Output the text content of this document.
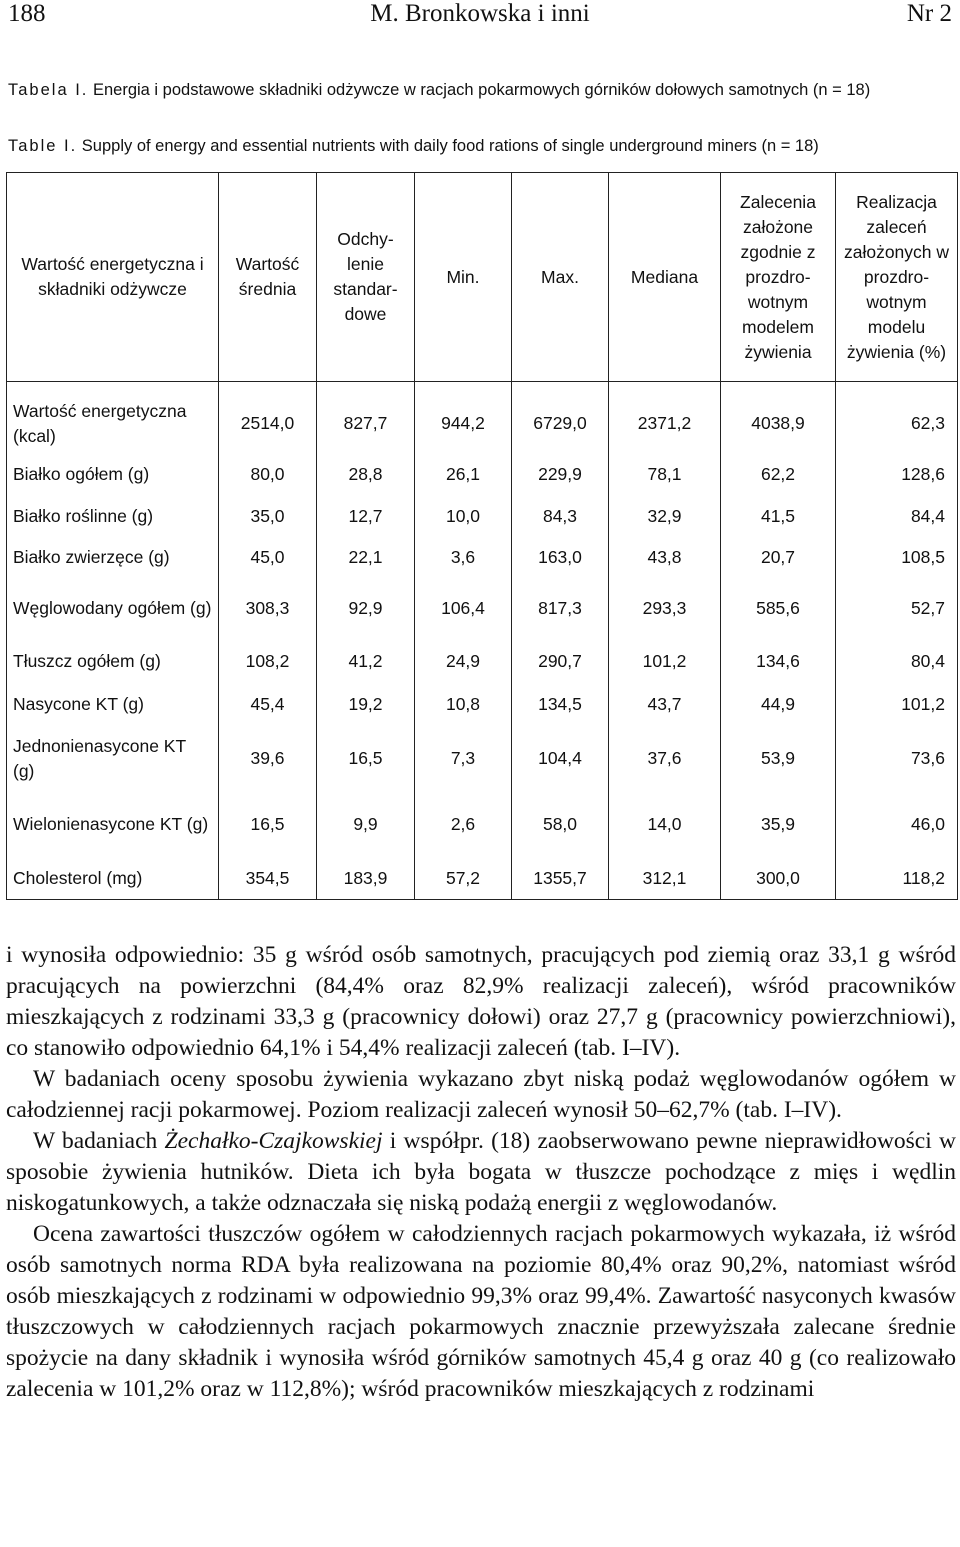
188	M. Bronkowska i inni	Nr 2
Tabela I. Energia i podstawowe składniki odżywcze w racjach pokarmowych górników dołowych samotnych (n = 18)
Table I. Supply of energy and essential nutrients with daily food rations of single underground miners (n = 18)
Wartość energetyczna i składniki odżywcze	Wartość średnia	Odchy- lenie standar- dowe	Min.	Max.	Mediana	Zalecenia założone zgodnie z prozdro- wotnym modelem żywienia	Realizacja zaleceń założonych w prozdro- wotnym modelu żywienia (%)
Wartość energetyczna (kcal)	2514,0	827,7	944,2	6729,0	2371,2	4038,9	62,3
Białko ogółem (g)	80,0	28,8	26,1	229,9	78,1	62,2	128,6
Białko roślinne (g)	35,0	12,7	10,0	84,3	32,9	41,5	84,4
Białko zwierzęce (g)	45,0	22,1	3,6	163,0	43,8	20,7	108,5
Węglowodany ogółem (g)	308,3	92,9	106,4	817,3	293,3	585,6	52,7
Tłuszcz ogółem (g)	108,2	41,2	24,9	290,7	101,2	134,6	80,4
Nasycone KT (g)	45,4	19,2	10,8	134,5	43,7	44,9	101,2
Jednonienasycone KT (g)	39,6	16,5	7,3	104,4	37,6	53,9	73,6
Wielonienasycone KT (g)	16,5	9,9	2,6	58,0	14,0	35,9	46,0
Cholesterol (mg)	354,5	183,9	57,2	1355,7	312,1	300,0	118,2

i wynosiła odpowiednio: 35 g wśród osób samotnych, pracujących pod ziemią oraz 33,1 g wśród pracujących na powierzchni (84,4% oraz 82,9% realizacji zaleceń), wśród pracowników mieszkających z rodzinami 33,3 g (pracownicy dołowi) oraz 27,7 g (pracownicy powierzchniowi), co stanowiło odpowiednio 64,1% i 54,4% realizacji zaleceń (tab. I–IV).

W badaniach oceny sposobu żywienia wykazano zbyt niską podaż węglowodanów ogółem w całodziennej racji pokarmowej. Poziom realizacji zaleceń wynosił 50–62,7% (tab. I–IV).

W badaniach Żechałko-Czajkowskiej i współpr. (18) zaobserwowano pewne nieprawidłowości w sposobie żywienia hutników. Dieta ich była bogata w tłuszcze pochodzące z mięs i wędlin niskogatunkowych, a także odznaczała się niską podażą energii z węglowodanów.

Ocena zawartości tłuszczów ogółem w całodziennych racjach pokarmowych wykazała, iż wśród osób samotnych norma RDA była realizowana na poziomie 80,4% oraz 90,2%, natomiast wśród osób mieszkających z rodzinami w odpowiednio 99,3% oraz 99,4%. Zawartość nasyconych kwasów tłuszczowych w całodziennych racjach pokarmowych znacznie przewyższała zalecane średnie spożycie na dany składnik i wynosiła wśród górników samotnych 45,4 g oraz 40 g (co realizowało zalecenia w 101,2% oraz w 112,8%); wśród pracowników mieszkających z rodzinami
